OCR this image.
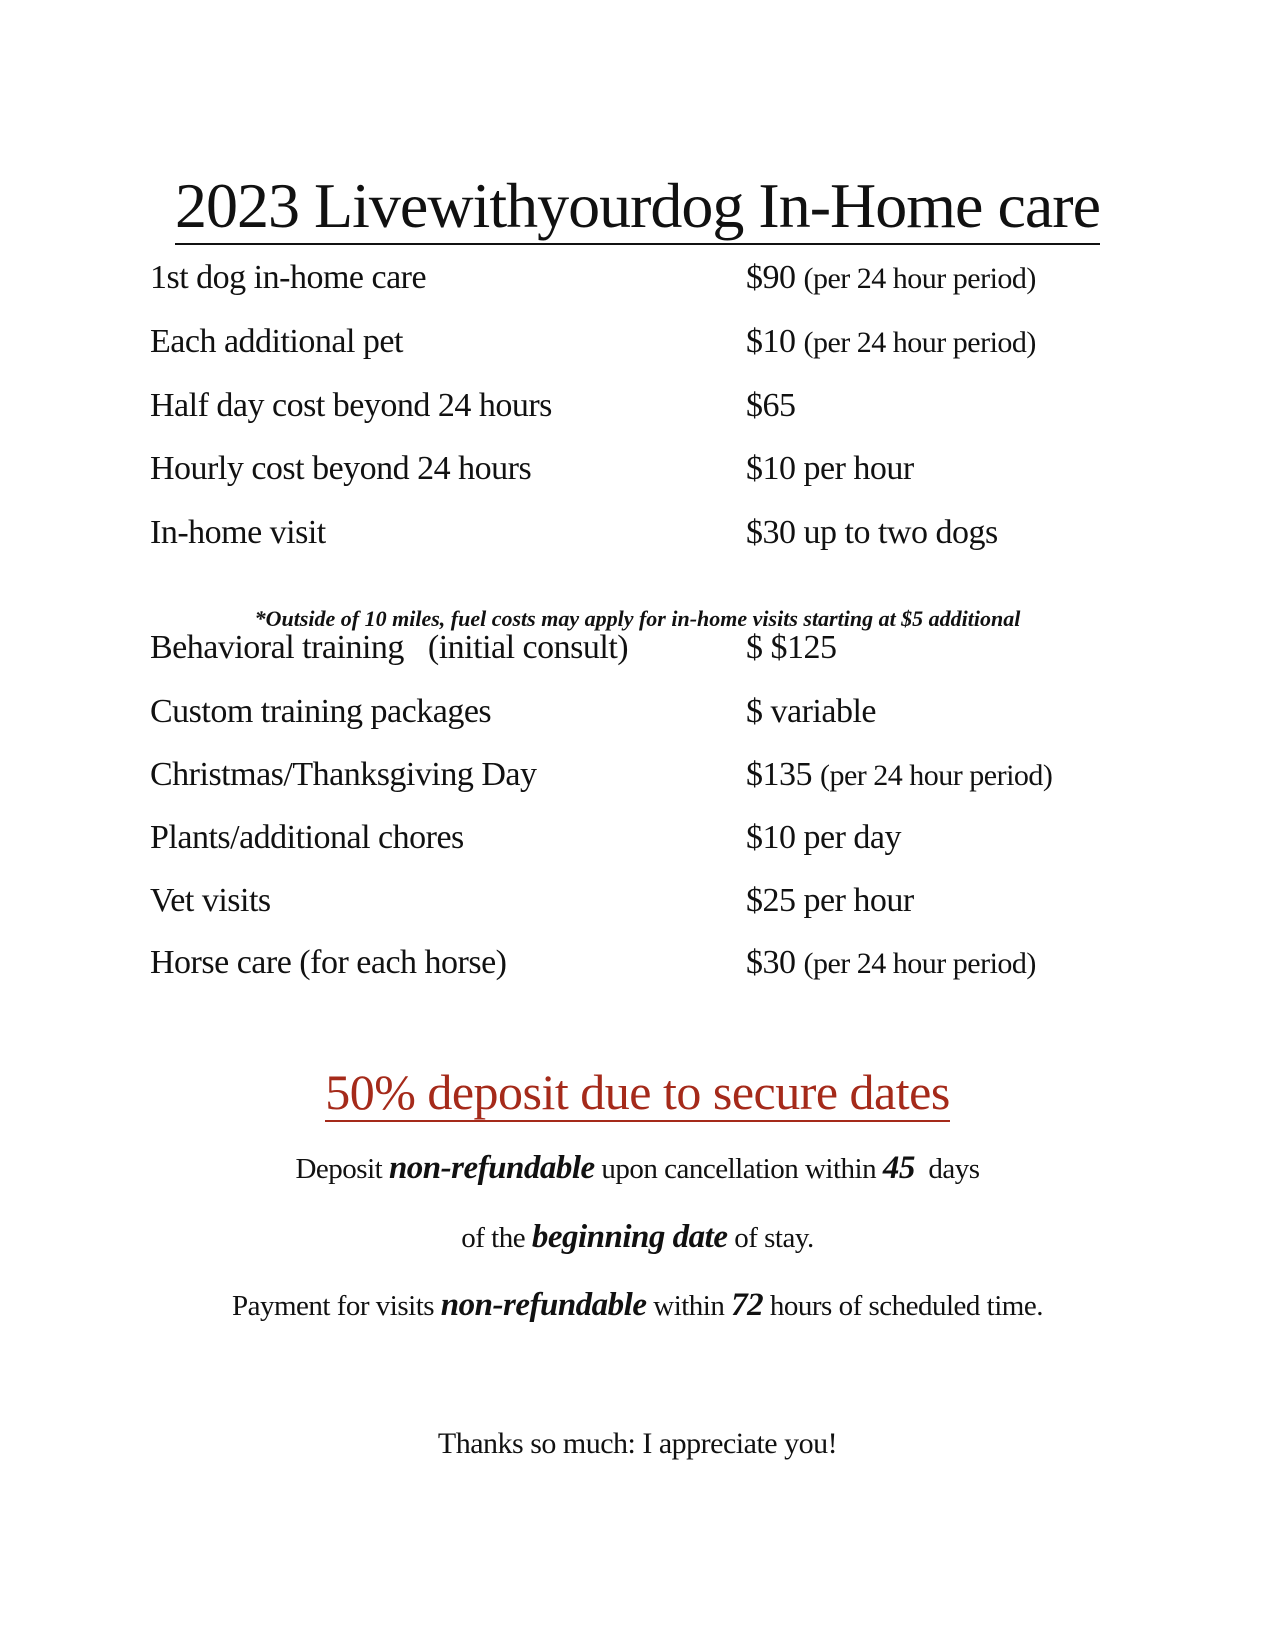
2023 Livewithyourdog In-Home care
1st dog in-home care	$90 (per 24 hour period)
Each additional pet	$10 (per 24 hour period)
Half day cost beyond 24 hours	$65
Hourly cost beyond 24 hours	$10 per hour
In-home visit	$30 up to two dogs
*Outside of 10 miles, fuel costs may apply for in-home visits starting at $5 additional
Behavioral training   (initial consult)	$ $125
Custom training packages	$ variable
Christmas/Thanksgiving Day	$135 (per 24 hour period)
Plants/additional chores	$10 per day
Vet visits	$25 per hour
Horse care (for each horse)	$30 (per 24 hour period)
50% deposit due to secure dates
Deposit non-refundable upon cancellation within 45  days
of the beginning date of stay.
Payment for visits non-refundable within 72 hours of scheduled time.
Thanks so much: I appreciate you!
